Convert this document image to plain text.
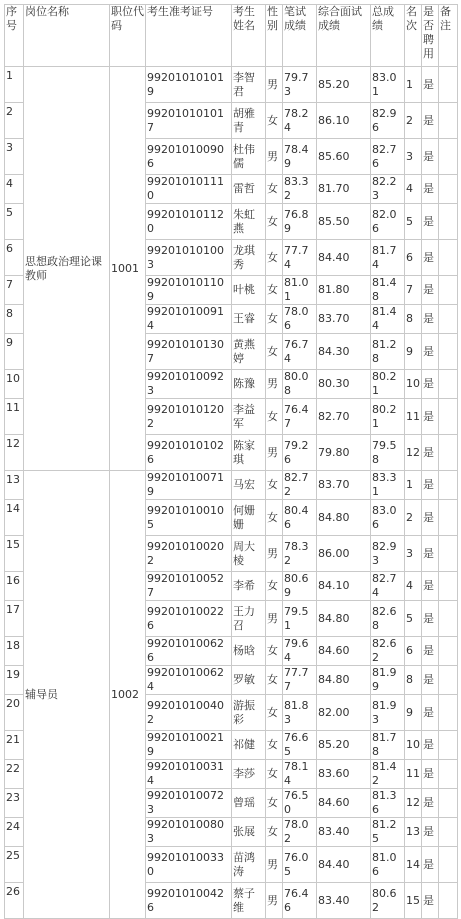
序号	岗位名称	职位代码	考生准考证号	考生姓名	性别	笔试成绩	综合面试成绩	总成绩	名次	是否聘用	备注
1	思想政治理论课教师	1001	992010101019	李智君	男	79.73	85.20	83.01	1	是	
2			992010101017	胡雅青	女	78.24	86.10	82.96	2	是	
3			992010100906	杜伟儒	男	78.49	85.60	82.76	3	是	
4			992010101110	雷哲	女	83.32	81.70	82.23	4	是	
5			992010101120	朱虹燕	女	76.89	85.50	82.06	5	是	
6			992010101003	龙琪秀	女	77.74	84.40	81.74	6	是	
7			992010101109	叶桃	女	81.01	81.80	81.48	7	是	
8			992010100914	王睿	女	78.06	83.70	81.44	8	是	
9			992010101307	黄燕婷	女	76.74	84.30	81.28	9	是	
10			992010100923	陈豫	男	80.08	80.30	80.21	10	是	
11			992010101202	李益军	女	76.47	82.70	80.21	11	是	
12			992010101026	陈家琪	男	79.26	79.80	79.58	12	是	
13	辅导员	1002	992010100719	马宏	女	82.72	83.70	83.31	1	是	
14			992010100105	何姗姗	女	80.46	84.80	83.06	2	是	
15			992010100202	周大棱	男	78.32	86.00	82.93	3	是	
16			992010100527	李希	女	80.69	84.10	82.74	4	是	
17			992010100226	王力召	男	79.51	84.80	82.68	5	是	
18			992010100626	杨晗	女	79.64	84.60	82.62	6	是	
19			992010100624	罗敏	女	77.77	84.80	81.99	8	是	
20			992010100402	游振彩	女	81.83	82.00	81.93	9	是	
21			992010100219	祁健	女	76.65	85.20	81.78	10	是	
22			992010100314	李莎	女	78.14	83.60	81.42	11	是	
23			992010100723	曾瑶	女	76.50	84.60	81.36	12	是	
24			992010100803	张展	女	78.02	83.40	81.25	13	是	
25			992010100330	苗鸿涛	男	76.05	84.40	81.06	14	是	
26			992010100426	蔡子维	男	76.46	83.40	80.62	15	是	
